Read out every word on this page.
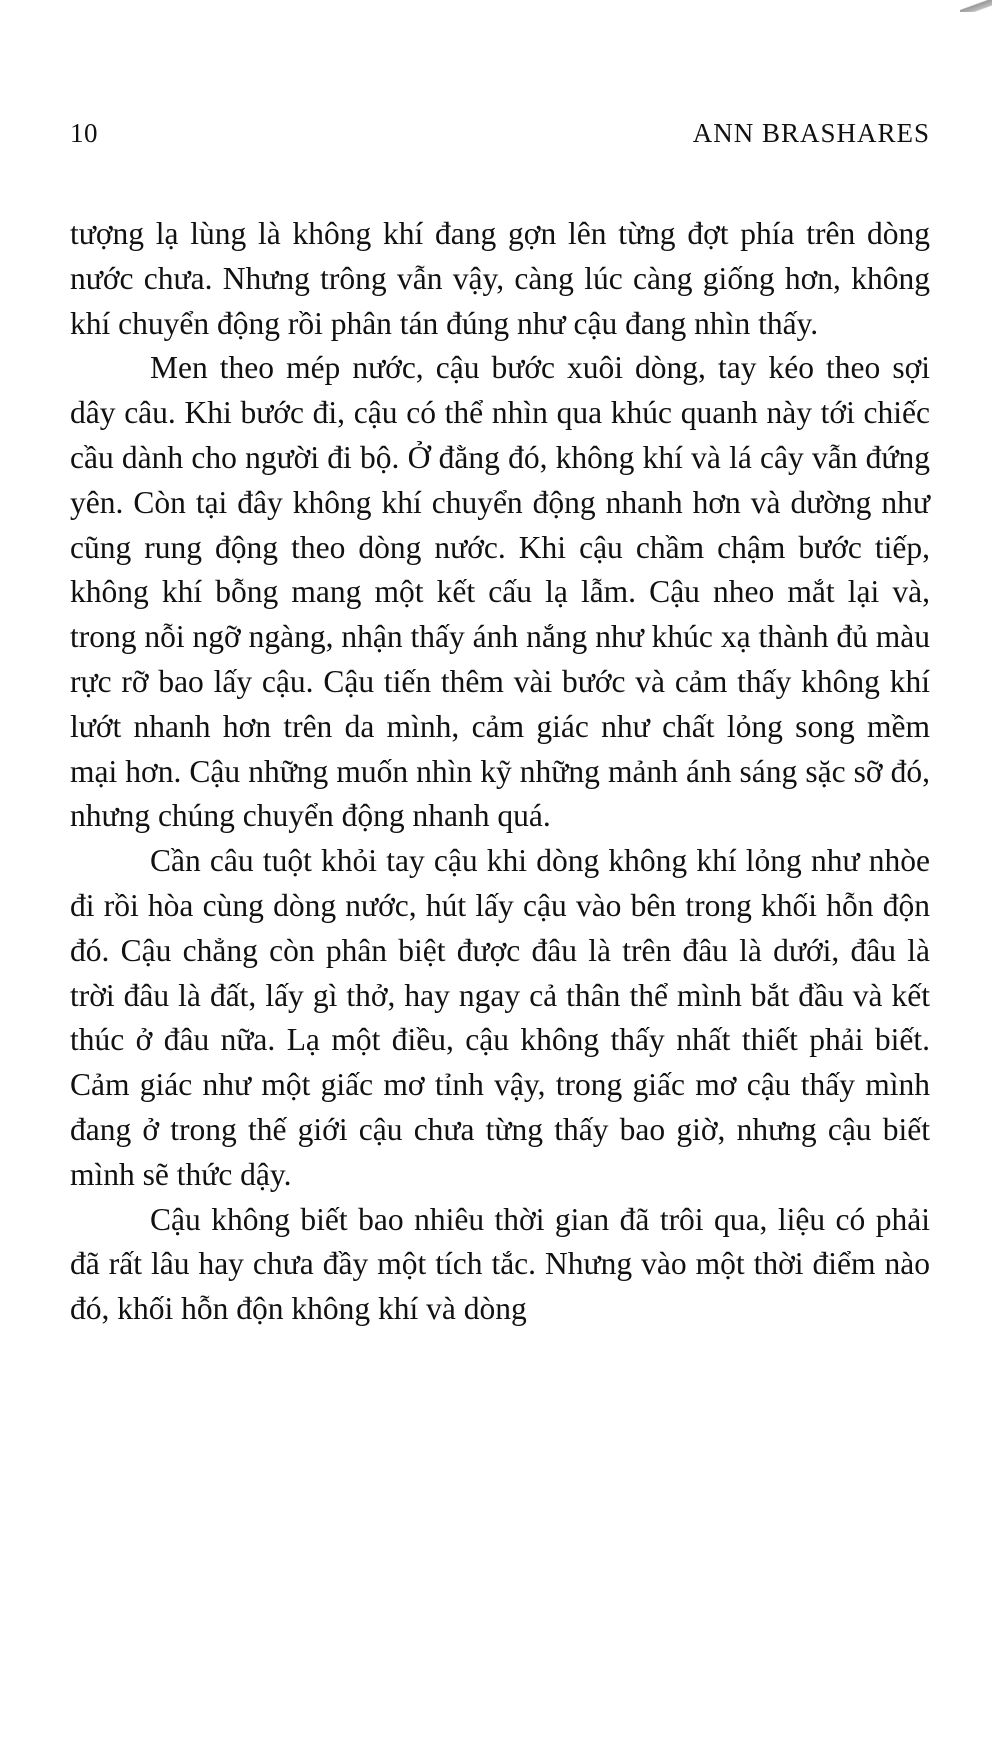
10	ANN BRASHARES

tượng lạ lùng là không khí đang gợn lên từng đợt phía trên dòng nước chưa. Nhưng trông vẫn vậy, càng lúc càng giống hơn, không khí chuyển động rồi phân tán đúng như cậu đang nhìn thấy.

Men theo mép nước, cậu bước xuôi dòng, tay kéo theo sợi dây câu. Khi bước đi, cậu có thể nhìn qua khúc quanh này tới chiếc cầu dành cho người đi bộ. Ở đằng đó, không khí và lá cây vẫn đứng yên. Còn tại đây không khí chuyển động nhanh hơn và dường như cũng rung động theo dòng nước. Khi cậu chầm chậm bước tiếp, không khí bỗng mang một kết cấu lạ lẫm. Cậu nheo mắt lại và, trong nỗi ngỡ ngàng, nhận thấy ánh nắng như khúc xạ thành đủ màu rực rỡ bao lấy cậu. Cậu tiến thêm vài bước và cảm thấy không khí lướt nhanh hơn trên da mình, cảm giác như chất lỏng song mềm mại hơn. Cậu những muốn nhìn kỹ những mảnh ánh sáng sặc sỡ đó, nhưng chúng chuyển động nhanh quá.

Cần câu tuột khỏi tay cậu khi dòng không khí lỏng như nhòe đi rồi hòa cùng dòng nước, hút lấy cậu vào bên trong khối hỗn độn đó. Cậu chẳng còn phân biệt được đâu là trên đâu là dưới, đâu là trời đâu là đất, lấy gì thở, hay ngay cả thân thể mình bắt đầu và kết thúc ở đâu nữa. Lạ một điều, cậu không thấy nhất thiết phải biết. Cảm giác như một giấc mơ tỉnh vậy, trong giấc mơ cậu thấy mình đang ở trong thế giới cậu chưa từng thấy bao giờ, nhưng cậu biết mình sẽ thức dậy.

Cậu không biết bao nhiêu thời gian đã trôi qua, liệu có phải đã rất lâu hay chưa đầy một tích tắc. Nhưng vào một thời điểm nào đó, khối hỗn độn không khí và dòng
